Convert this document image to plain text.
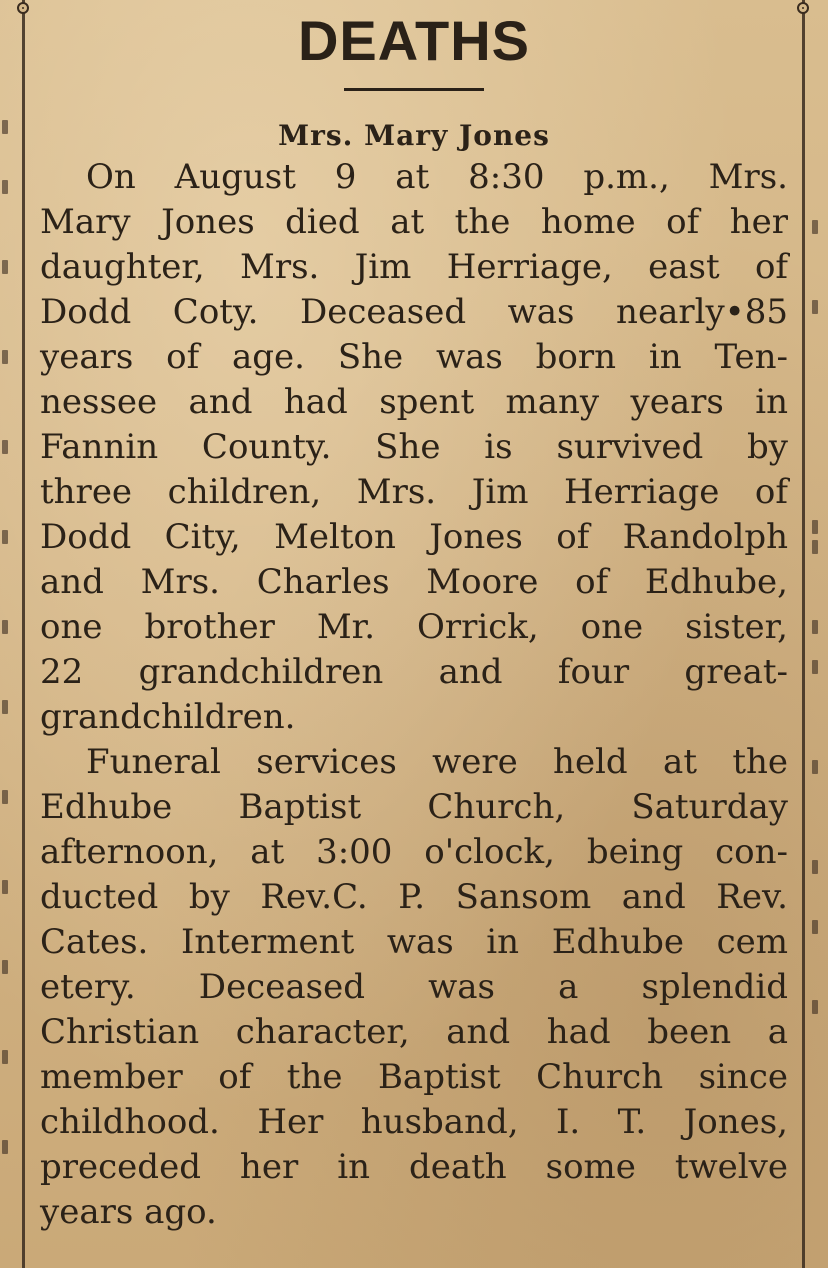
DEATHS
Mrs. Mary Jones

On August 9 at 8:30 p.m., Mrs.
Mary Jones died at the home of her
daughter, Mrs. Jim Herriage, east of
Dodd Coty. Deceased was nearly•85
years of age. She was born in Ten-
nessee and had spent many years in
Fannin County. She is survived by
three children, Mrs. Jim Herriage of
Dodd City, Melton Jones of Randolph
and Mrs. Charles Moore of Edhube,
one brother Mr. Orrick, one sister,
22 grandchildren and four great-
grandchildren.

Funeral services were held at the
Edhube Baptist Church, Saturday
afternoon, at 3:00 o'clock, being con-
ducted by Rev.C. P. Sansom and Rev.
Cates. Interment was in Edhube cem
etery. Deceased was a splendid
Christian character, and had been a
member of the Baptist Church since
childhood. Her husband, I. T. Jones,
preceded her in death some twelve
years ago.
